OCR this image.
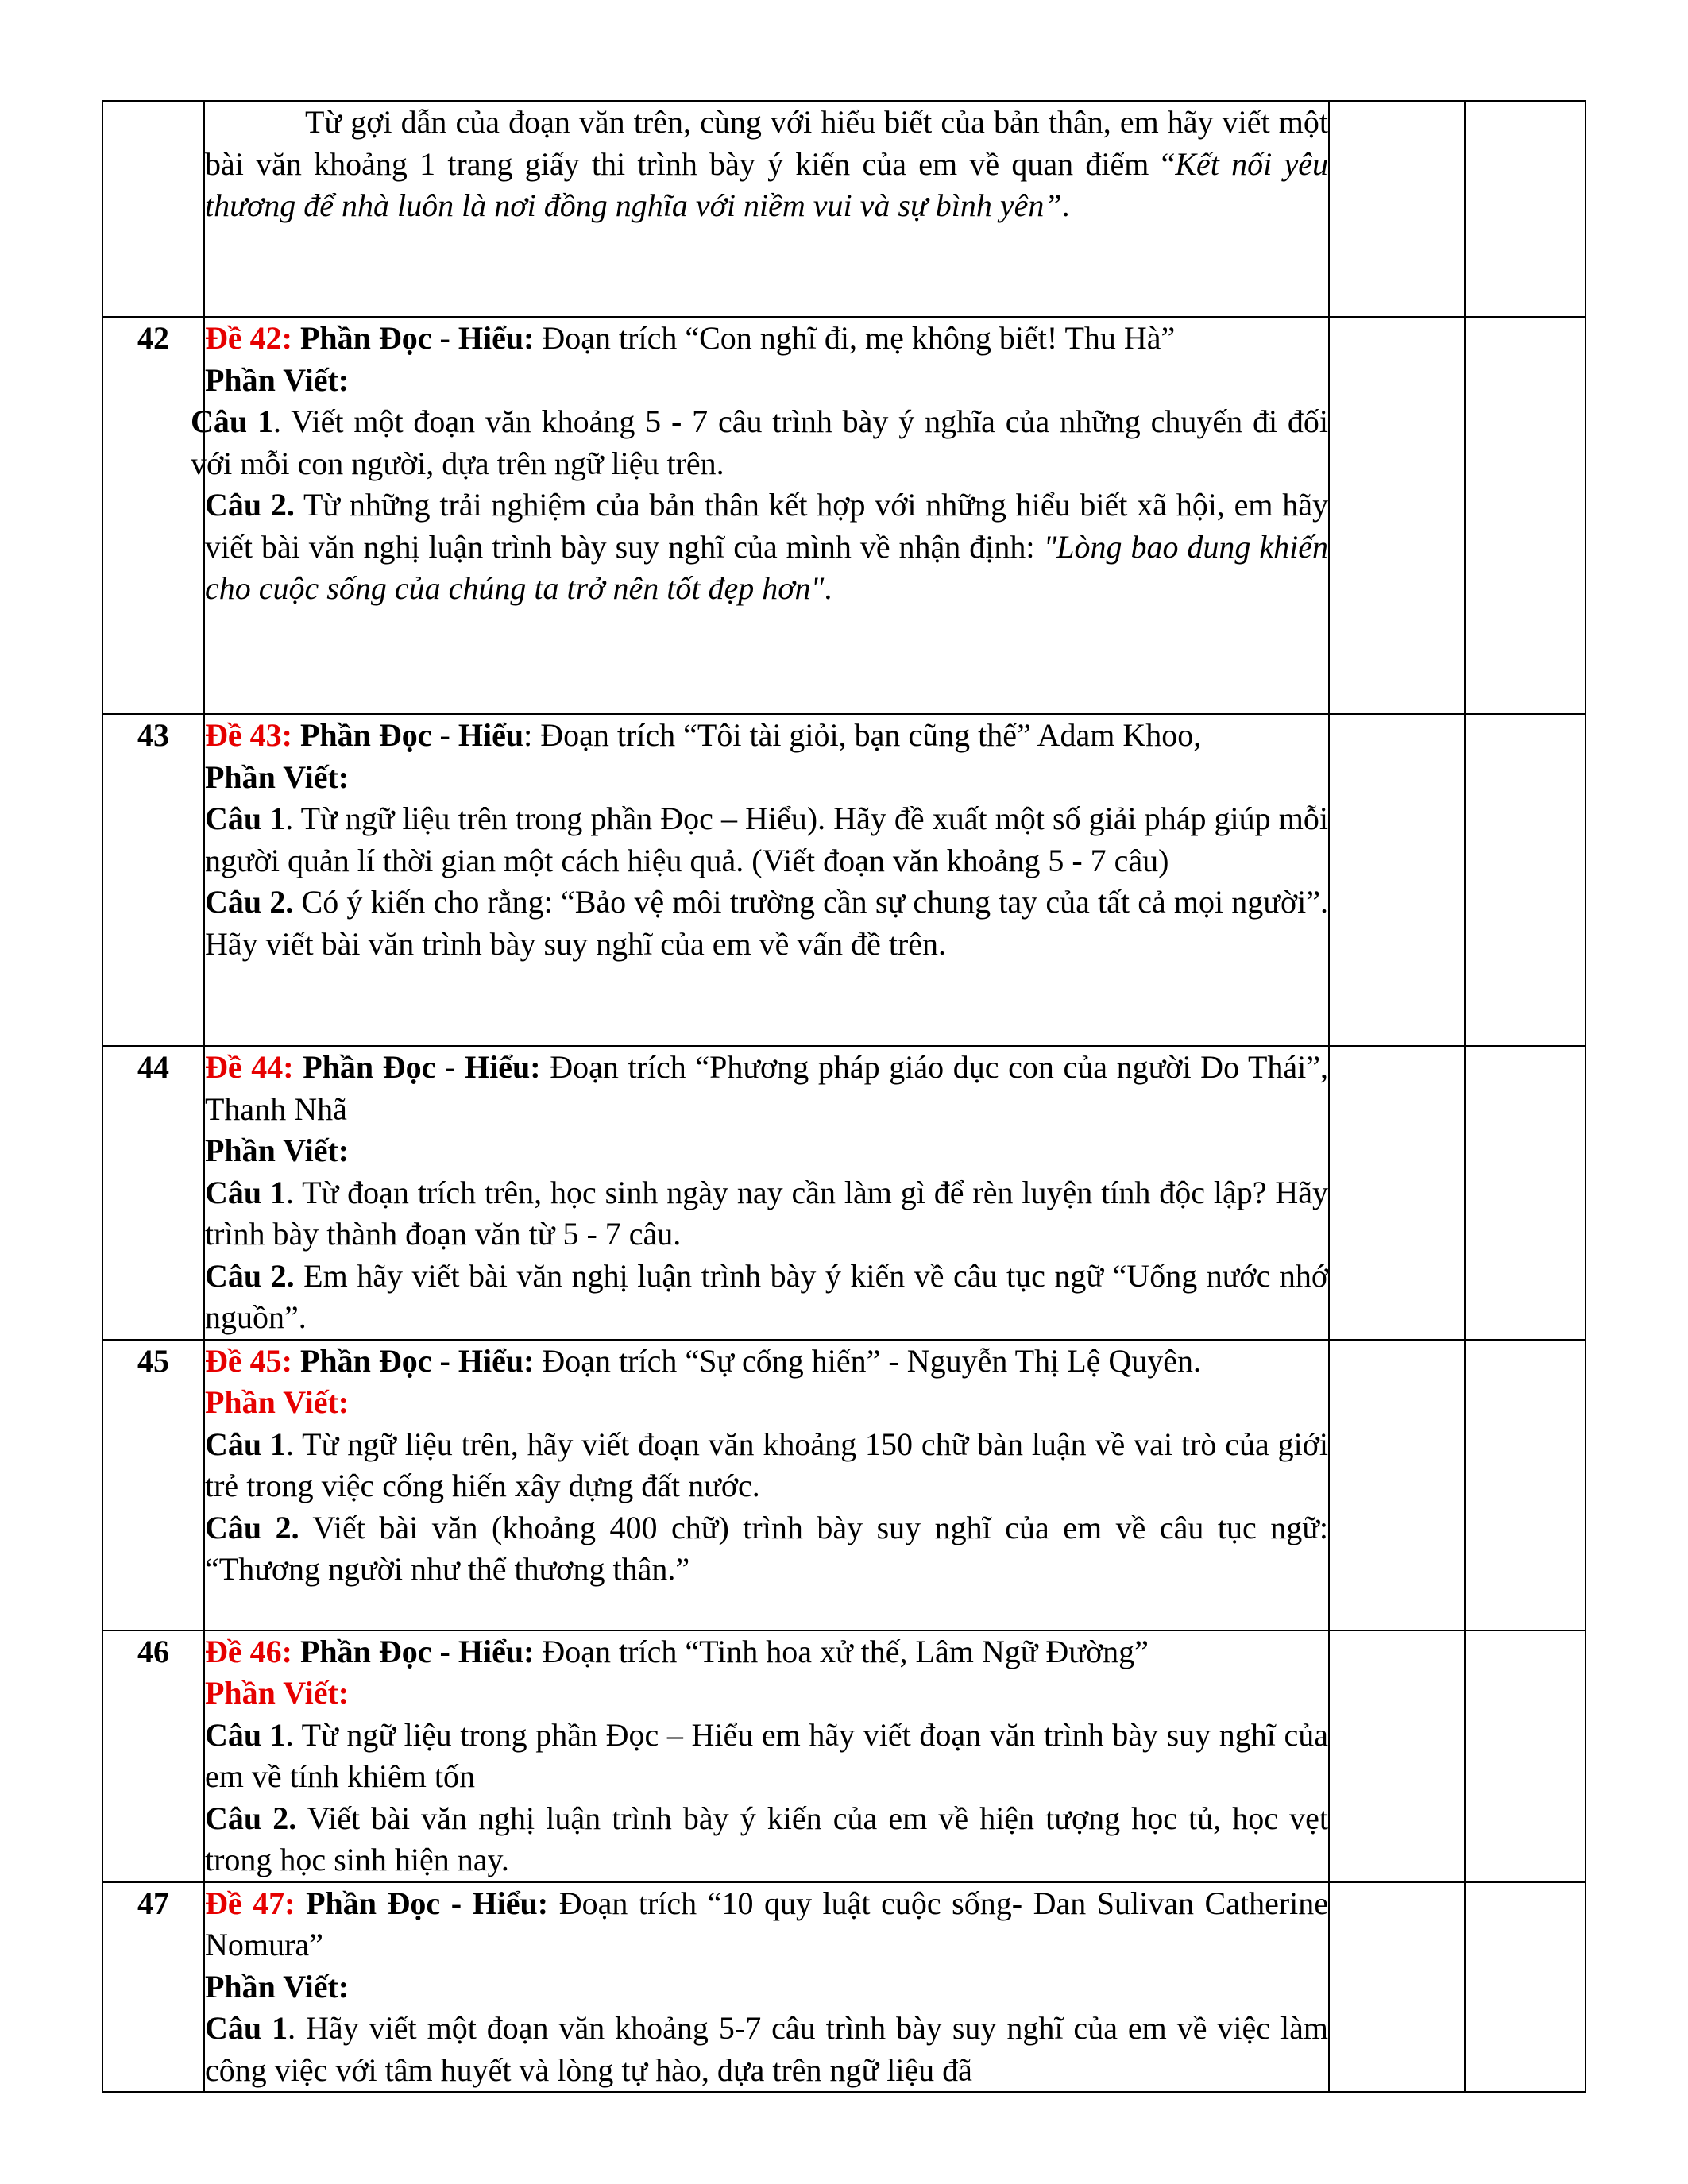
	Từ gợi dẫn của đoạn văn trên, cùng với hiểu biết của bản thân, em hãy viết một bài văn khoảng 1 trang giấy thi trình bày ý kiến của em về quan điểm “Kết nối yêu thương để nhà luôn là nơi đồng nghĩa với niềm vui và sự bình yên”.		

42	Đề 42: Phần Đọc - Hiểu: Đoạn trích “Con nghĩ đi, mẹ không biết! Thu Hà”

Phần Viết:

Câu 1. Viết một đoạn văn khoảng 5 - 7 câu trình bày ý nghĩa của những chuyến đi đối với mỗi con người, dựa trên ngữ liệu trên.

Câu 2. Từ những trải nghiệm của bản thân kết hợp với những hiểu biết xã hội, em hãy viết bài văn nghị luận trình bày suy nghĩ của mình về nhận định: "Lòng bao dung khiến cho cuộc sống của chúng ta trở nên tốt đẹp hơn".		

43	Đề 43: Phần Đọc - Hiểu: Đoạn trích “Tôi tài giỏi, bạn cũng thế” Adam Khoo,

Phần Viết:

Câu 1. Từ ngữ liệu trên trong phần Đọc – Hiểu). Hãy đề xuất một số giải pháp giúp mỗi người quản lí thời gian một cách hiệu quả. (Viết đoạn văn khoảng 5 - 7 câu)

Câu 2. Có ý kiến cho rằng: “Bảo vệ môi trường cần sự chung tay của tất cả mọi người”. Hãy viết bài văn trình bày suy nghĩ của em về vấn đề trên.		

44	Đề 44: Phần Đọc - Hiểu: Đoạn trích “Phương pháp giáo dục con của người Do Thái”, Thanh Nhã

Phần Viết:

Câu 1. Từ đoạn trích trên, học sinh ngày nay cần làm gì để rèn luyện tính độc lập? Hãy trình bày thành đoạn văn từ 5 - 7 câu.

Câu 2. Em hãy viết bài văn nghị luận trình bày ý kiến về câu tục ngữ “Uống nước nhớ nguồn”.		

45	Đề 45: Phần Đọc - Hiểu: Đoạn trích “Sự cống hiến” - Nguyễn Thị Lệ Quyên.

Phần Viết:

Câu 1. Từ ngữ liệu trên, hãy viết đoạn văn khoảng 150 chữ bàn luận về vai trò của giới trẻ trong việc cống hiến xây dựng đất nước.

Câu 2. Viết bài văn (khoảng 400 chữ) trình bày suy nghĩ của em về câu tục ngữ: “Thương người như thể thương thân.”		

46	Đề 46: Phần Đọc - Hiểu: Đoạn trích “Tinh hoa xử thế, Lâm Ngữ Đường”

Phần Viết:

Câu 1. Từ ngữ liệu trong phần Đọc – Hiểu em hãy viết đoạn văn trình bày suy nghĩ của em về tính khiêm tốn

Câu 2. Viết bài văn nghị luận trình bày ý kiến của em về hiện tượng học tủ, học vẹt trong học sinh hiện nay.		

47	Đề 47: Phần Đọc - Hiểu: Đoạn trích “10 quy luật cuộc sống- Dan Sulivan Catherine Nomura”

Phần Viết:

Câu 1. Hãy viết một đoạn văn khoảng 5-7 câu trình bày suy nghĩ của em về việc làm công việc với tâm huyết và lòng tự hào, dựa trên ngữ liệu đã		
